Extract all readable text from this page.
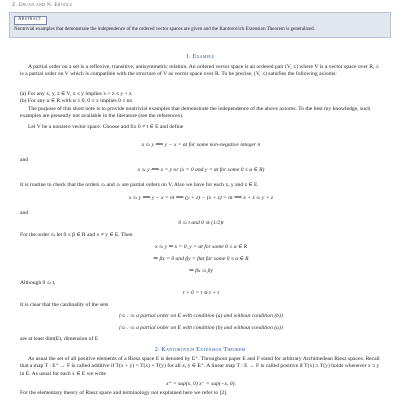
Z. Ercan and N. Eroğlu
Abstract.
Nontrivial examples that demonstrate the independence of the ordered vector spaces are given and the Kantorovich Extension Theorem is generalized.
1. Example
A partial order on a set is a reflexive, transitive, antisymmetric relation. An ordered vector space is an ordered pair (V, ≤) where V is a vector space over R, ≤ is a partial order on V which is compatible with the structure of V as vector space over R. To be precise, (V, ≤) satisfies the following axioms:
(a) For any x, y, z ∈ V, x ≤ y implies x + z ≤ y + z
(b) For any α ∈ R with α ≥ 0, 0 ≤ x implies 0 ≤ αx
The purpose of this short note is to provide nontrivial examples that demonstrate the independence of the above axioms. To the best my knowledge, such examples are presently not available in the literature (see the references).
Let V be a nonzero vector space. Choose and fix 0 ≠ t ∈ E and define
x ≤ₜ y ⟺ y − x = αt for some non-negative integer n
and
x ≤ₜ y ⟺ x = y or (x = 0 and y = αt for some 0 ≤ α ∈ R)
It is routine to check that the orders ≤ₜ and ≤ₜ are partial orders on V. Also we have for each x, y and z ∈ E
x ≤ₜ y ⟺ y − x = nt ⟺ (y + z) − (x + z) = nt ⟺ x + z ≤ₜ y + z
and
0 ≤ₜ t and 0 ≰ₜ (1/2)t
For the order ≤ₜ let 0 ≤ β ∈ R and x ≠ y ∈ E. Then
x ≤ₜ y ⇒ x = 0, y = αt for some 0 ≤ α ∈ R
⇒ βx = 0 and βy = βαt for some 0 ≤ α ∈ R
⇒ βx ≤ₜ βy
Although 0 ≤ₜ t,
t + 0 = t ≰ₜ t + t
It is clear that the cardinality of the sets
{≤ₜ : ≤ₜ a partial order on E with condition (a) and without condition (b)}
{≤ₜ : ≤ₜ a partial order on E with condition (b) and without condition (a)}
are at least dim(E), dimension of E
2. Kantorovich Extension Theorem
As usual the set of all positive elements of a Riesz space E is denoted by E⁺. Throughout paper E and F stand for arbitrary Archimedean Riesz spaces. Recall that a map T : E⁺ → F is called additive if T(x + y) = T(x) + T(y) for all x, y ∈ E⁺. A linear map T : E → F is called positive if T(x) ≥ T(y) holds whenever x ≥ y in E. As usual for each x ∈ E we write
x⁺ = sup(x, 0) x⁻ = sup(−x, 0).
For the elementary theory of Riesz space and terminology not explained here we refer to [2].
